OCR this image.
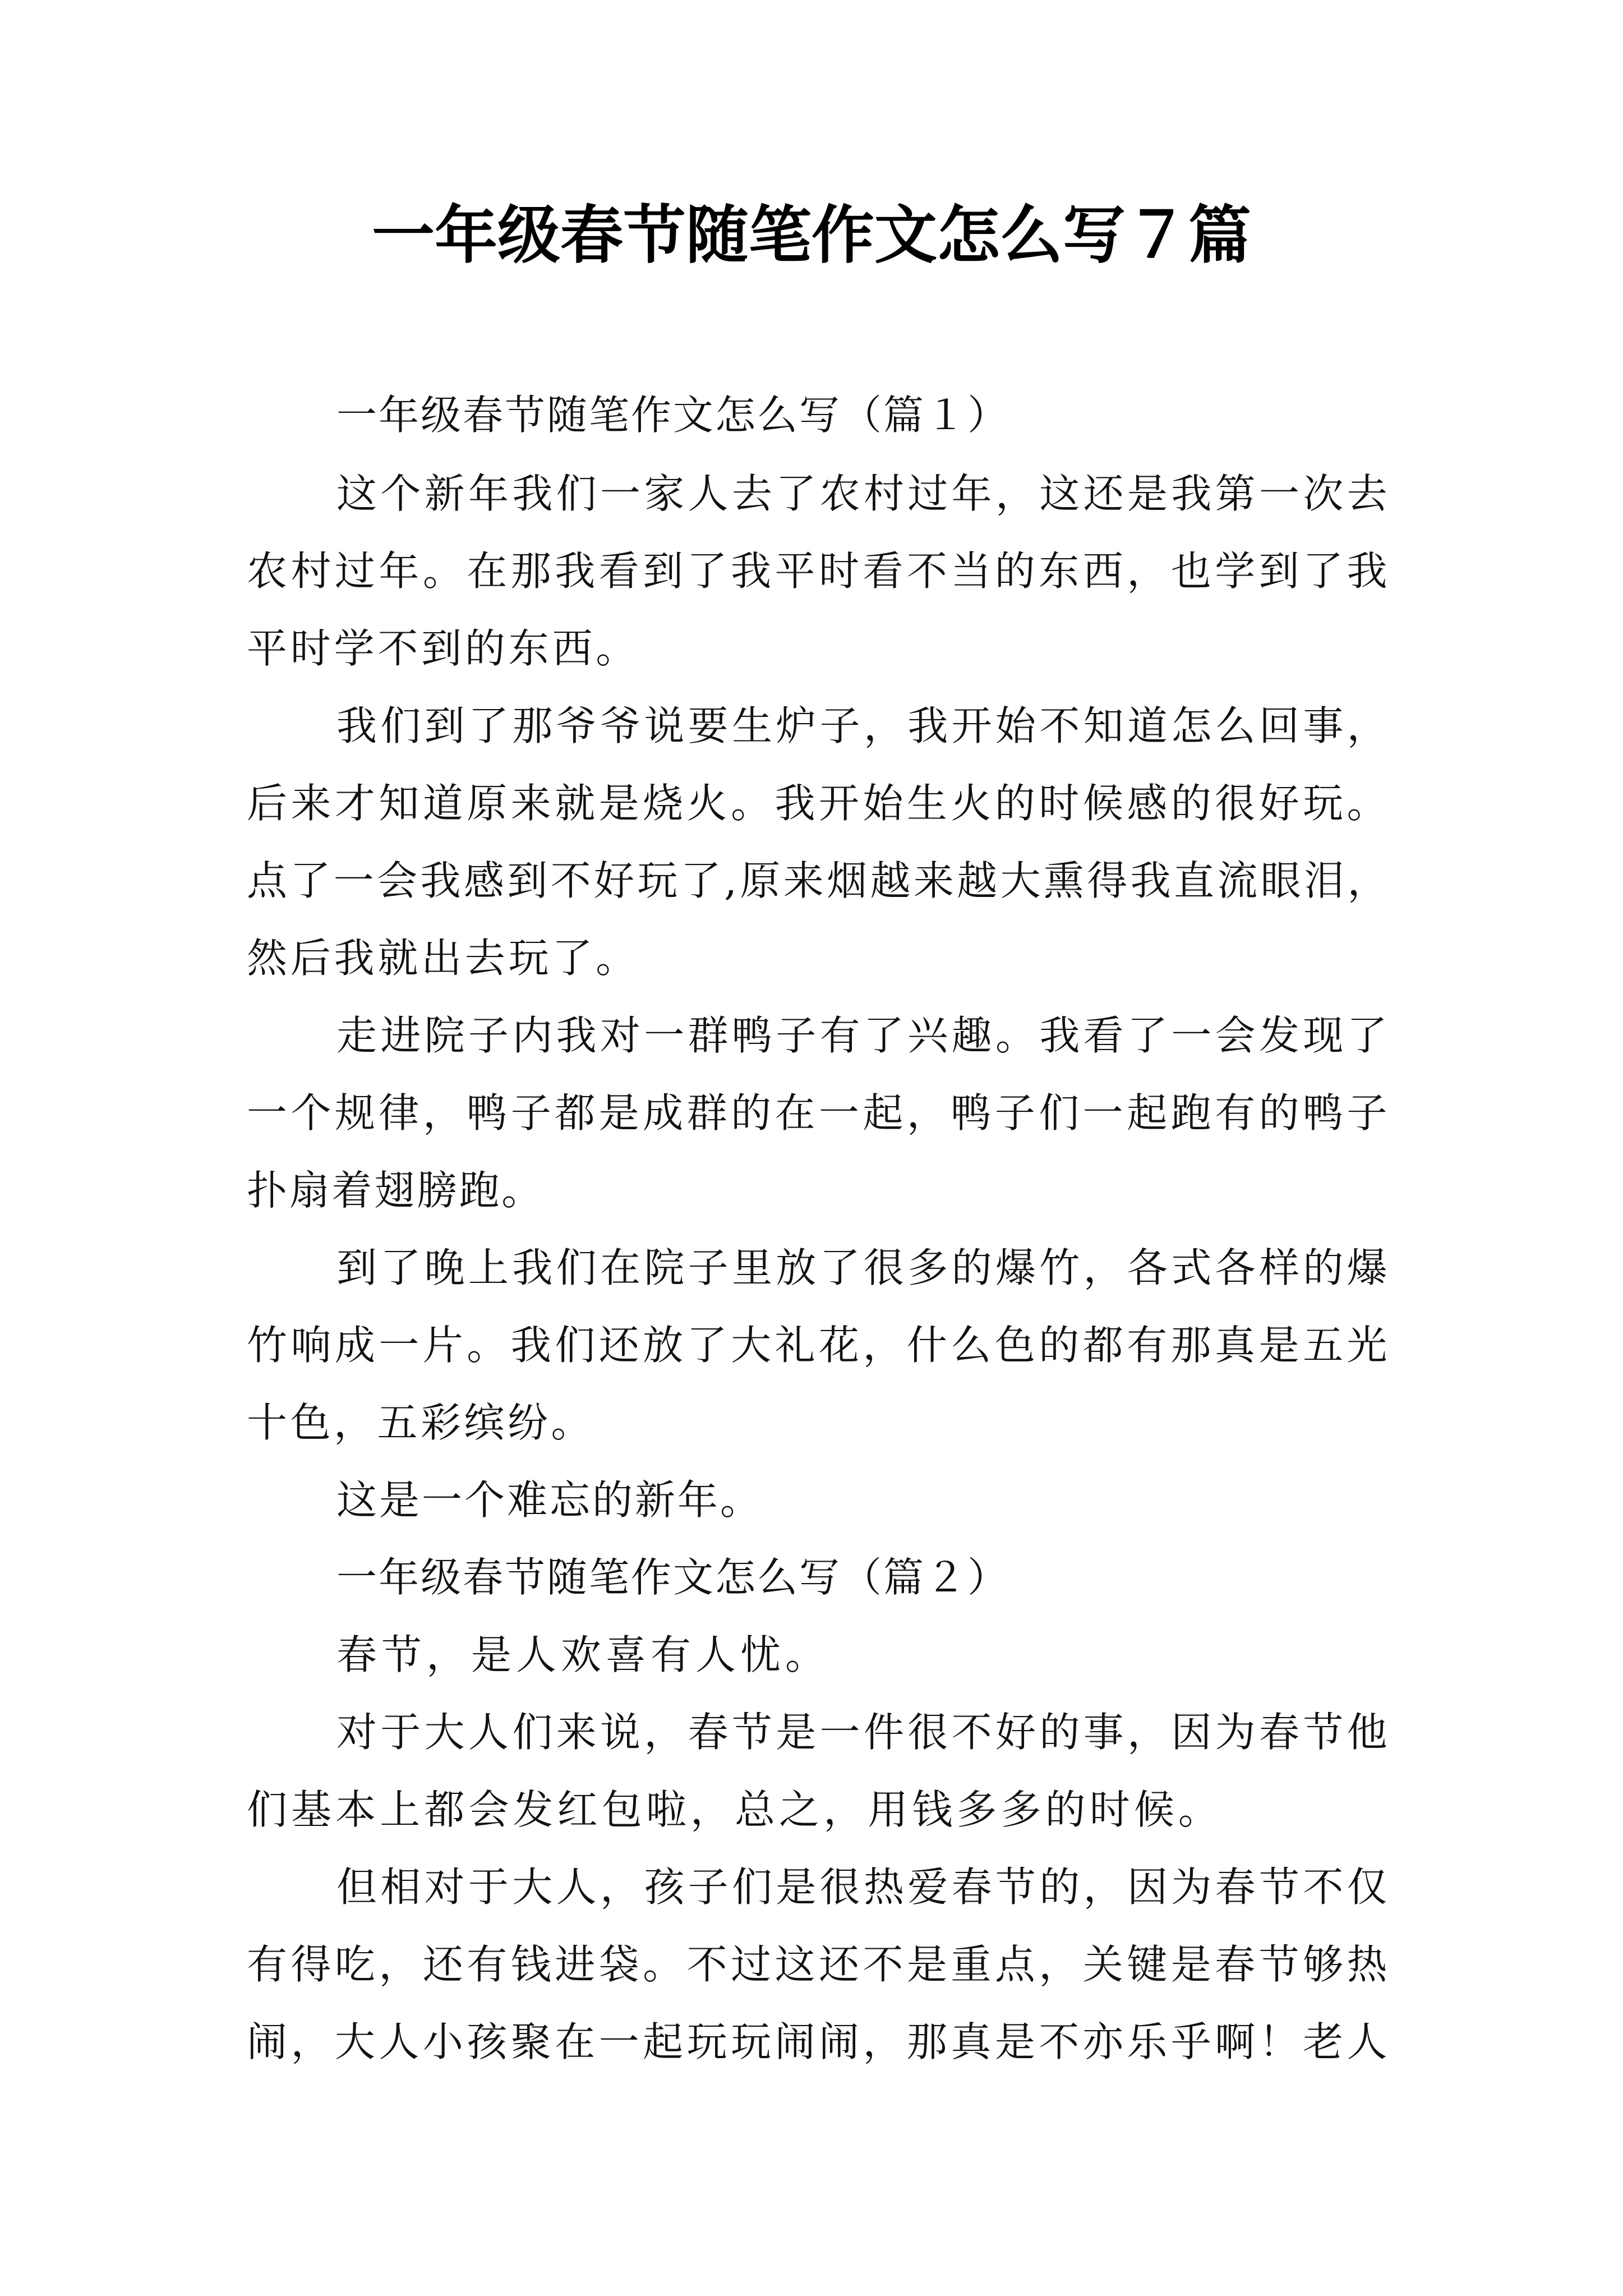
一年级春节随笔作文怎么写７篇
一年级春节随笔作文怎么写（篇１）
这个新年我们一家人去了农村过年，这还是我第一次去
农村过年。在那我看到了我平时看不当的东西，也学到了我
平时学不到的东西。
我们到了那爷爷说要生炉子，我开始不知道怎么回事，
后来才知道原来就是烧火。我开始生火的时候感的很好玩。
点了一会我感到不好玩了,原来烟越来越大熏得我直流眼泪，
然后我就出去玩了。
走进院子内我对一群鸭子有了兴趣。我看了一会发现了
一个规律，鸭子都是成群的在一起，鸭子们一起跑有的鸭子
扑扇着翅膀跑。
到了晚上我们在院子里放了很多的爆竹，各式各样的爆
竹响成一片。我们还放了大礼花，什么色的都有那真是五光
十色，五彩缤纷。
这是一个难忘的新年。
一年级春节随笔作文怎么写（篇２）
春节，是人欢喜有人忧。
对于大人们来说，春节是一件很不好的事，因为春节他
们基本上都会发红包啦，总之，用钱多多的时候。
但相对于大人，孩子们是很热爱春节的，因为春节不仅
有得吃，还有钱进袋。不过这还不是重点，关键是春节够热
闹，大人小孩聚在一起玩玩闹闹，那真是不亦乐乎啊！老人
